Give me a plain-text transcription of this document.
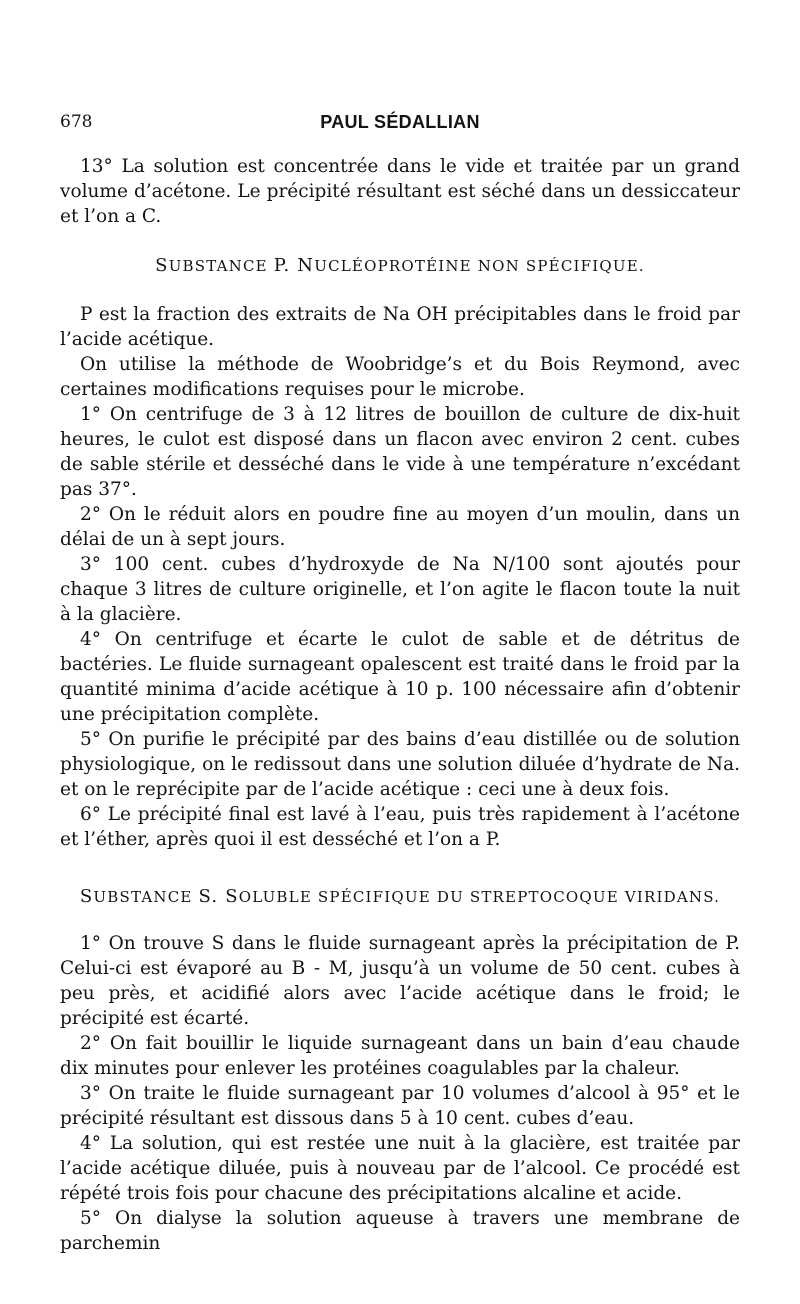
678	PAUL SÉDALLIAN

13° La solution est concentrée dans le vide et traitée par un grand volume d’acétone. Le précipité résultant est séché dans un dessiccateur et l’on a C.

SUBSTANCE P. NUCLÉOPROTÉINE NON SPÉCIFIQUE.

P est la fraction des extraits de Na OH précipitables dans le froid par l’acide acétique.

On utilise la méthode de Woobridge’s et du Bois Reymond, avec certaines modifications requises pour le microbe.

1° On centrifuge de 3 à 12 litres de bouillon de culture de dix-huit heures, le culot est disposé dans un flacon avec environ 2 cent. cubes de sable stérile et desséché dans le vide à une température n’excédant pas 37°.

2° On le réduit alors en poudre fine au moyen d’un moulin, dans un délai de un à sept jours.

3° 100 cent. cubes d’hydroxyde de Na N/100 sont ajoutés pour chaque 3 litres de culture originelle, et l’on agite le flacon toute la nuit à la glacière.

4° On centrifuge et écarte le culot de sable et de détritus de bactéries. Le fluide surnageant opalescent est traité dans le froid par la quantité minima d’acide acétique à 10 p. 100 nécessaire afin d’obtenir une précipitation complète.

5° On purifie le précipité par des bains d’eau distillée ou de solution physiologique, on le redissout dans une solution diluée d’hydrate de Na. et on le reprécipite par de l’acide acétique : ceci une à deux fois.

6° Le précipité final est lavé à l’eau, puis très rapidement à l’acétone et l’éther, après quoi il est desséché et l’on a P.

SUBSTANCE S. SOLUBLE SPÉCIFIQUE DU STREPTOCOQUE VIRIDANS.

1° On trouve S dans le fluide surnageant après la précipitation de P. Celui-ci est évaporé au B - M, jusqu’à un volume de 50 cent. cubes à peu près, et acidifié alors avec l’acide acétique dans le froid; le précipité est écarté.

2° On fait bouillir le liquide surnageant dans un bain d’eau chaude dix minutes pour enlever les protéines coagulables par la chaleur.

3° On traite le fluide surnageant par 10 volumes d’alcool à 95° et le précipité résultant est dissous dans 5 à 10 cent. cubes d’eau.

4° La solution, qui est restée une nuit à la glacière, est traitée par l’acide acétique diluée, puis à nouveau par de l’alcool. Ce procédé est répété trois fois pour chacune des précipitations alcaline et acide.

5° On dialyse la solution aqueuse à travers une membrane de parchemin
